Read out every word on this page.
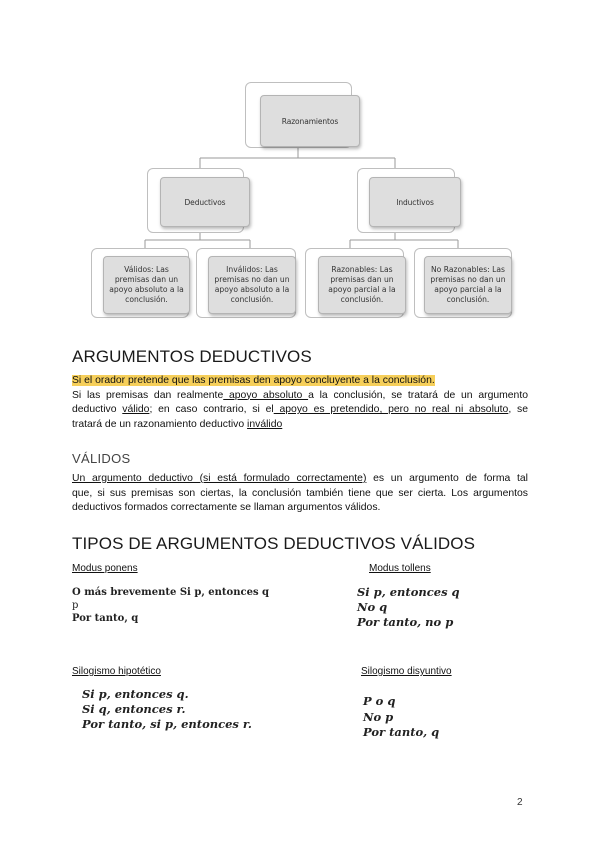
Razonamientos
Deductivos	Inductivos
Válidos: Las premisas dan un apoyo absoluto a la conclusión.
Inválidos: Las premisas no dan un apoyo absoluto a la conclusión.
Razonables: Las premisas dan un apoyo parcial a la conclusión.
No Razonables: Las premisas no dan un apoyo parcial a la conclusión.
ARGUMENTOS DEDUCTIVOS
Si el orador pretende que las premisas den apoyo concluyente a la conclusión.
Si las premisas dan realmente apoyo absoluto a la conclusión, se tratará de un argumento
deductivo válido; en caso contrario, si el apoyo es pretendido, pero no real ni absoluto, se
tratará de un razonamiento deductivo inválido
VÁLIDOS
Un argumento deductivo (si está formulado correctamente) es un argumento de forma tal
que, si sus premisas son ciertas, la conclusión también tiene que ser cierta. Los argumentos
deductivos formados correctamente se llaman argumentos válidos.
TIPOS DE ARGUMENTOS DEDUCTIVOS VÁLIDOS
Modus ponens	Modus tollens
O más brevemente Si p, entonces q
p
Por tanto, q
Si p, entonces q
No q
Por tanto, no p
Silogismo hipotético	Silogismo disyuntivo
Si p, entonces q.
Si q, entonces r.
Por tanto, si p, entonces r.
P o q
No p
Por tanto, q
2
